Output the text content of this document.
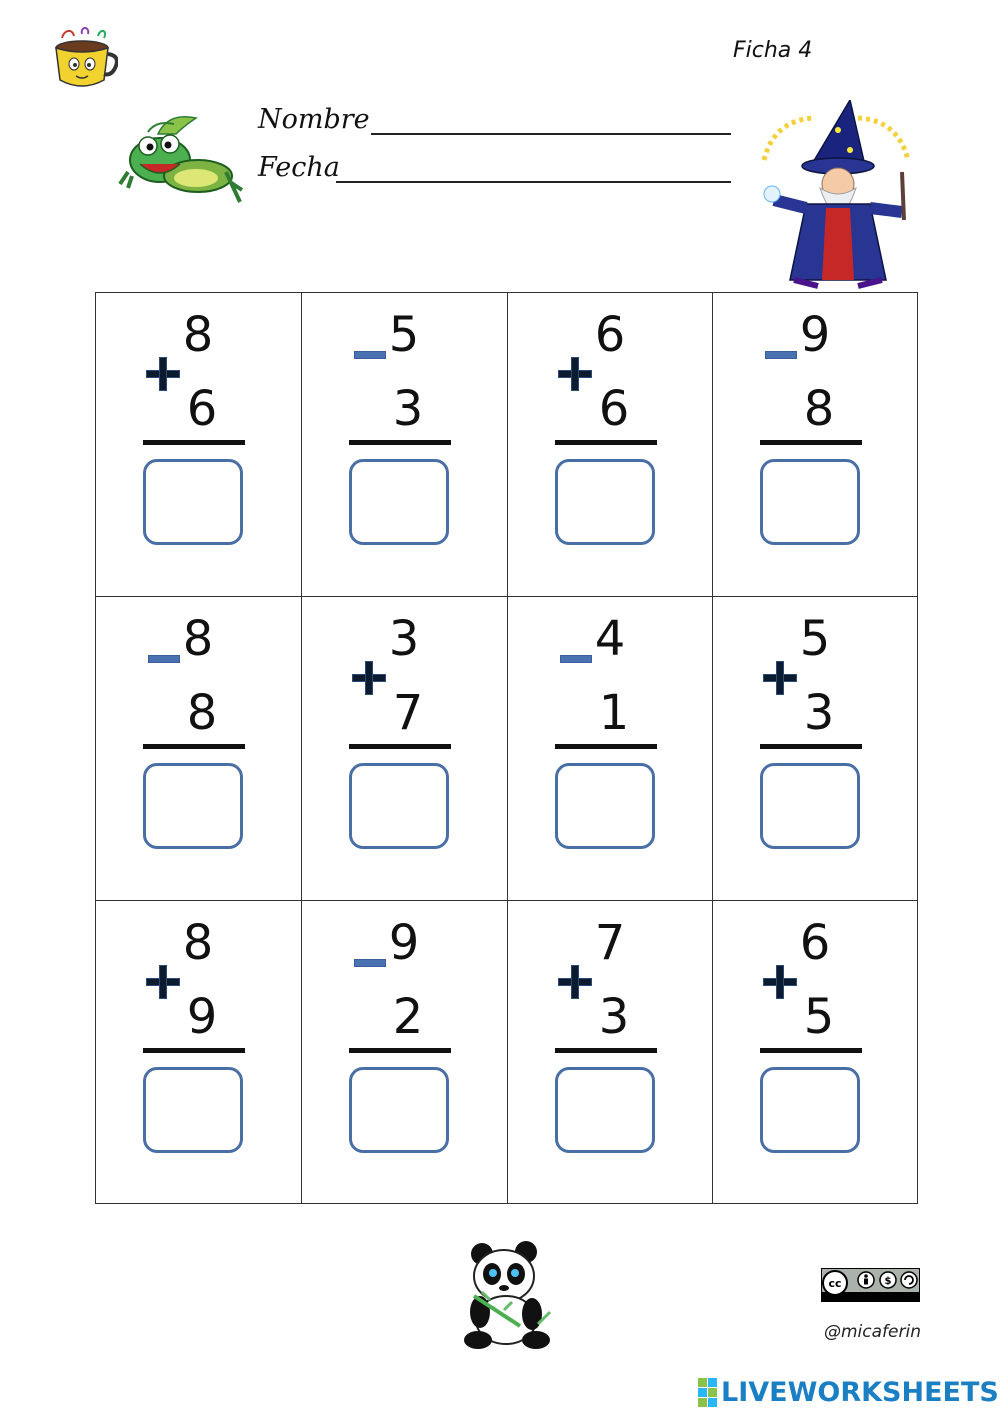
Ficha 4
Nombre
Fecha
8
6
5
3
6
6
9
8
8
8
3
7
4
1
5
3
8
9
9
2
7
3
6
5
cc	$
@micaferin
LIVEWORKSHEETS
